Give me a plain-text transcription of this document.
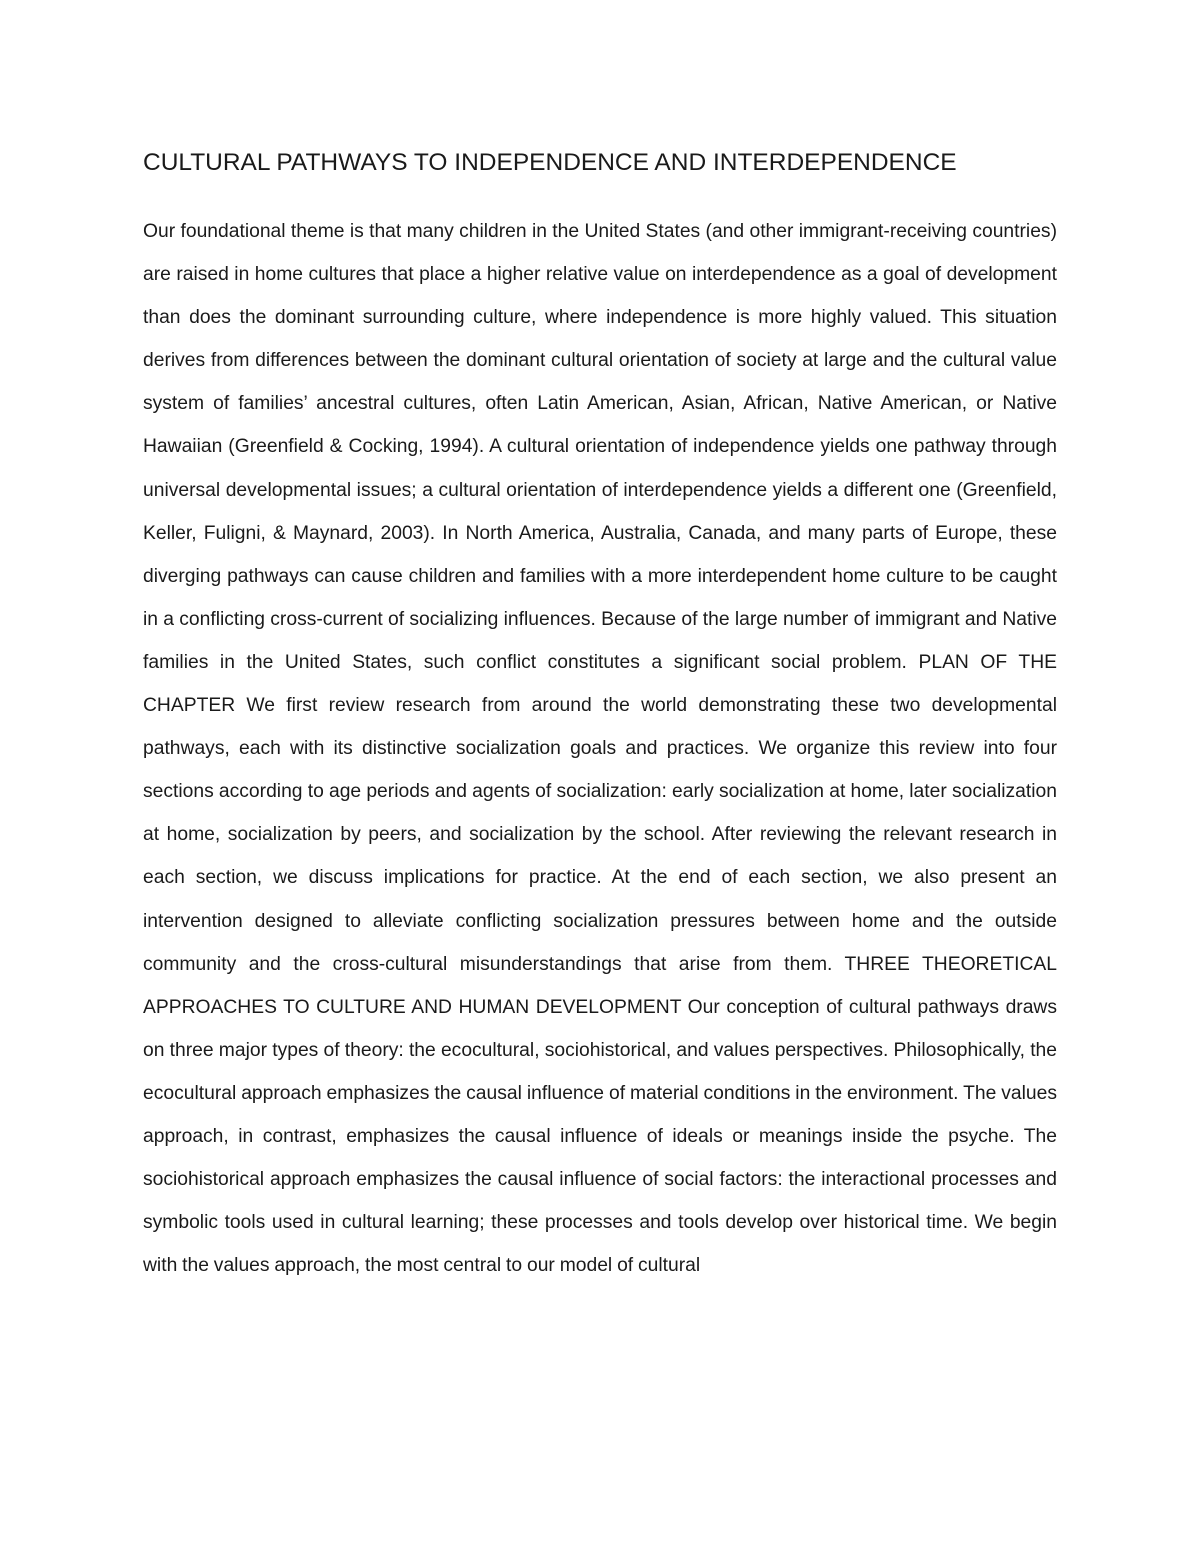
CULTURAL PATHWAYS TO INDEPENDENCE AND INTERDEPENDENCE

Our foundational theme is that many children in the United States (and other immigrant-receiving countries) are raised in home cultures that place a higher relative value on interdependence as a goal of development than does the dominant surrounding culture, where independence is more highly valued. This situation derives from differences between the dominant cultural orientation of society at large and the cultural value system of families’ ancestral cultures, often Latin American, Asian, African, Native American, or Native Hawaiian (Greenfield & Cocking, 1994). A cultural orientation of independence yields one pathway through universal developmental issues; a cultural orientation of interdependence yields a different one (Greenfield, Keller, Fuligni, & Maynard, 2003). In North America, Australia, Canada, and many parts of Europe, these diverging pathways can cause children and families with a more interdependent home culture to be caught in a conflicting cross-current of socializing influences. Because of the large number of immigrant and Native families in the United States, such conflict constitutes a significant social problem. PLAN OF THE CHAPTER We first review research from around the world demonstrating these two developmental pathways, each with its distinctive socialization goals and practices. We organize this review into four sections according to age periods and agents of socialization: early socialization at home, later socialization at home, socialization by peers, and socialization by the school. After reviewing the relevant research in each section, we discuss implications for practice. At the end of each section, we also present an intervention designed to alleviate conflicting socialization pressures between home and the outside community and the cross-cultural misunderstandings that arise from them. THREE THEORETICAL APPROACHES TO CULTURE AND HUMAN DEVELOPMENT Our conception of cultural pathways draws on three major types of theory: the ecocultural, sociohistorical, and values perspectives. Philosophically, the ecocultural approach emphasizes the causal influence of material conditions in the environment. The values approach, in contrast, emphasizes the causal influence of ideals or meanings inside the psyche. The sociohistorical approach emphasizes the causal influence of social factors: the interactional processes and symbolic tools used in cultural learning; these processes and tools develop over historical time. We begin with the values approach, the most central to our model of cultural
